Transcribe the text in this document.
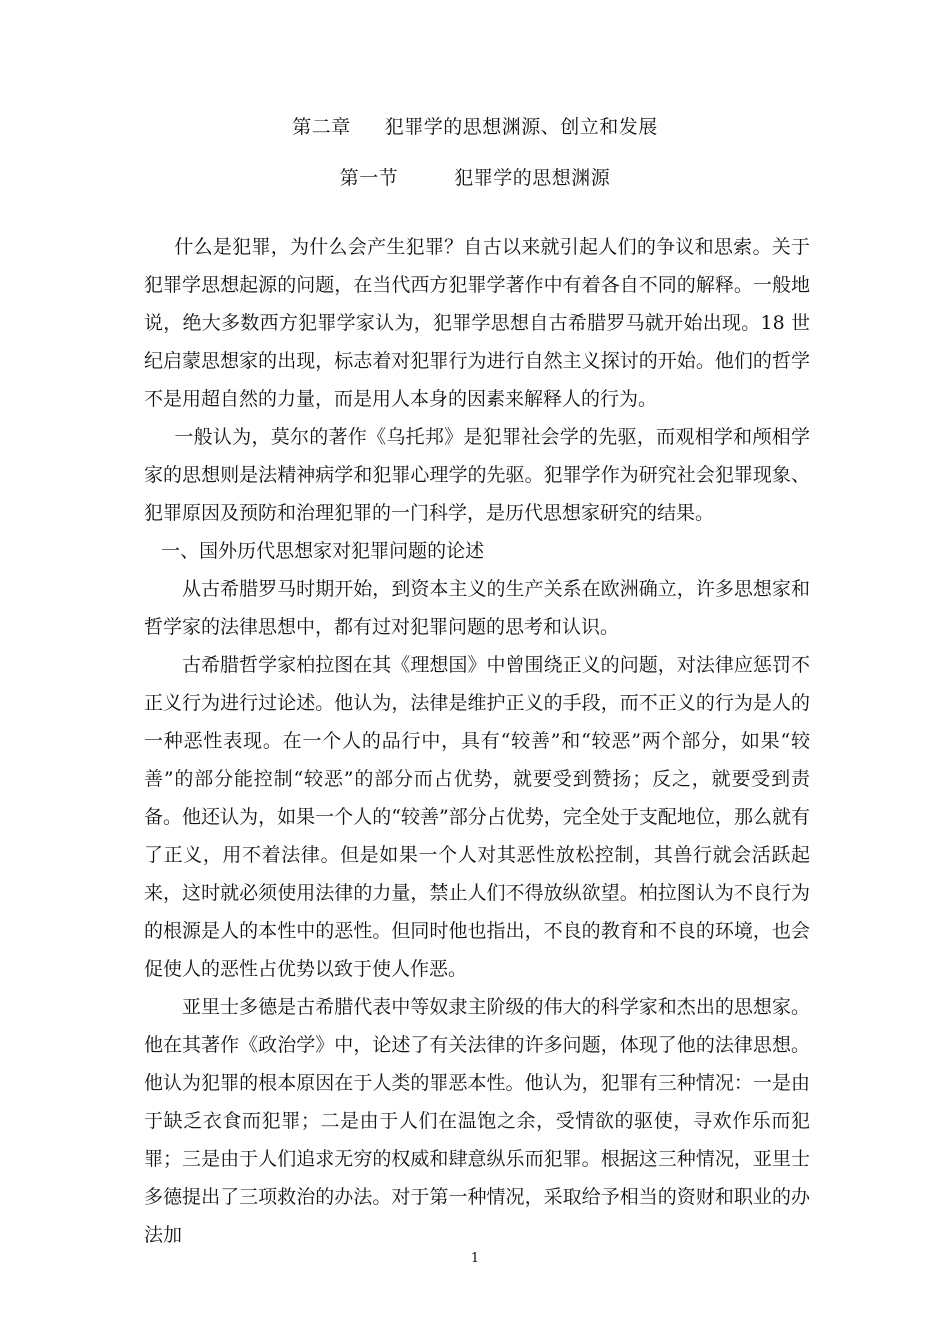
第二章 犯罪学的思想渊源、创立和发展
第一节	犯罪学的思想渊源

什么是犯罪，为什么会产生犯罪？自古以来就引起人们的争议和思索。关于犯罪学思想起源的问题，在当代西方犯罪学著作中有着各自不同的解释。一般地说，绝大多数西方犯罪学家认为，犯罪学思想自古希腊罗马就开始出现。18 世纪启蒙思想家的出现，标志着对犯罪行为进行自然主义探讨的开始。他们的哲学不是用超自然的力量，而是用人本身的因素来解释人的行为。

一般认为，莫尔的著作《乌托邦》是犯罪社会学的先驱，而观相学和颅相学家的思想则是法精神病学和犯罪心理学的先驱。犯罪学作为研究社会犯罪现象、犯罪原因及预防和治理犯罪的一门科学，是历代思想家研究的结果。

一、国外历代思想家对犯罪问题的论述

从古希腊罗马时期开始，到资本主义的生产关系在欧洲确立，许多思想家和哲学家的法律思想中，都有过对犯罪问题的思考和认识。

古希腊哲学家柏拉图在其《理想国》中曾围绕正义的问题，对法律应惩罚不正义行为进行过论述。他认为，法律是维护正义的手段，而不正义的行为是人的一种恶性表现。在一个人的品行中，具有“较善”和“较恶”两个部分，如果“较善”的部分能控制“较恶”的部分而占优势，就要受到赞扬；反之，就要受到责备。他还认为，如果一个人的“较善”部分占优势，完全处于支配地位，那么就有了正义，用不着法律。但是如果一个人对其恶性放松控制，其兽行就会活跃起来，这时就必须使用法律的力量，禁止人们不得放纵欲望。柏拉图认为不良行为的根源是人的本性中的恶性。但同时他也指出，不良的教育和不良的环境，也会促使人的恶性占优势以致于使人作恶。

亚里士多德是古希腊代表中等奴隶主阶级的伟大的科学家和杰出的思想家。他在其著作《政治学》中，论述了有关法律的许多问题，体现了他的法律思想。他认为犯罪的根本原因在于人类的罪恶本性。他认为，犯罪有三种情况：一是由于缺乏衣食而犯罪；二是由于人们在温饱之余，受情欲的驱使，寻欢作乐而犯罪；三是由于人们追求无穷的权威和肆意纵乐而犯罪。根据这三种情况，亚里士多德提出了三项救治的办法。对于第一种情况，采取给予相当的资财和职业的办法加

1
